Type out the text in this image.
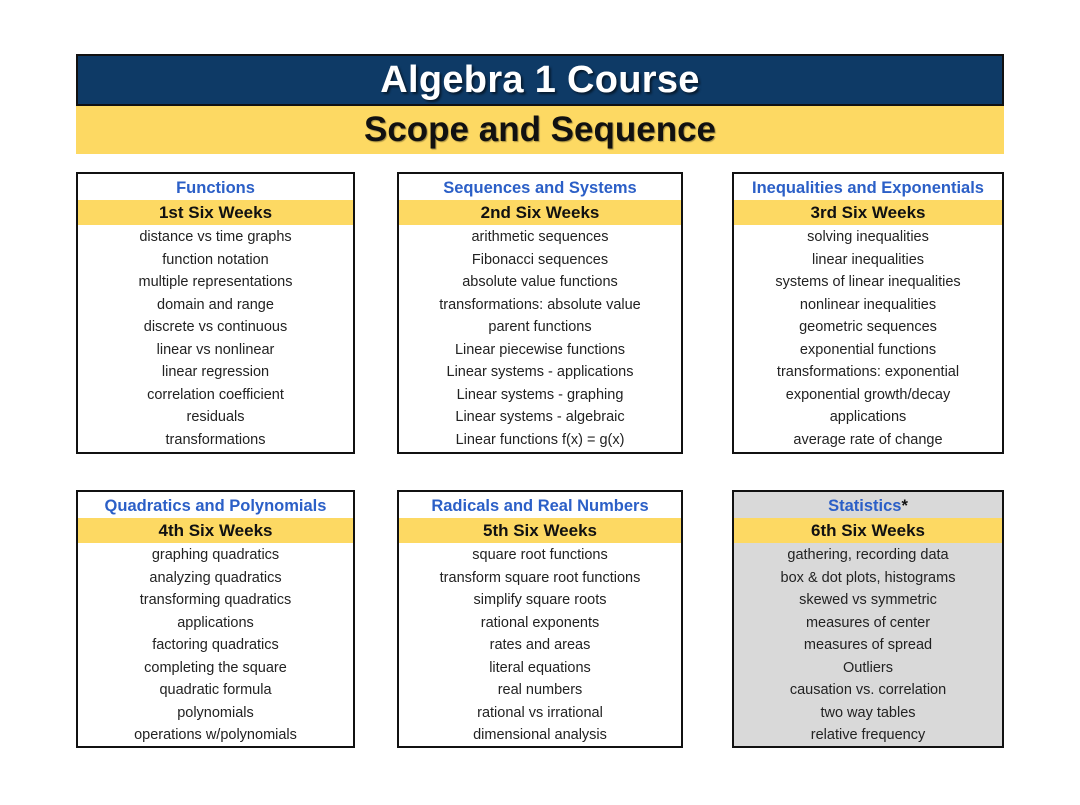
Algebra 1 Course
Scope and Sequence
Functions
1st Six Weeks
distance vs time graphs
function notation
multiple representations
domain and range
discrete vs continuous
linear vs nonlinear
linear regression
correlation coefficient
residuals
transformations
Sequences and Systems
2nd Six Weeks
arithmetic sequences
Fibonacci sequences
absolute value functions
transformations: absolute value
parent functions
Linear piecewise functions
Linear systems - applications
Linear systems - graphing
Linear systems - algebraic
Linear functions f(x) = g(x)
Inequalities and Exponentials
3rd Six Weeks
solving inequalities
linear inequalities
systems of linear inequalities
nonlinear inequalities
geometric sequences
exponential functions
transformations: exponential
exponential growth/decay
applications
average rate of change
Quadratics and Polynomials
4th Six Weeks
graphing quadratics
analyzing quadratics
transforming quadratics
applications
factoring quadratics
completing the square
quadratic formula
polynomials
operations w/polynomials
Radicals and Real Numbers
5th Six Weeks
square root functions
transform square root functions
simplify square roots
rational exponents
rates and areas
literal equations
real numbers
rational vs irrational
dimensional analysis
Statistics*
6th Six Weeks
gathering, recording data
box & dot plots, histograms
skewed vs symmetric
measures of center
measures of spread
Outliers
causation vs. correlation
two way tables
relative frequency
